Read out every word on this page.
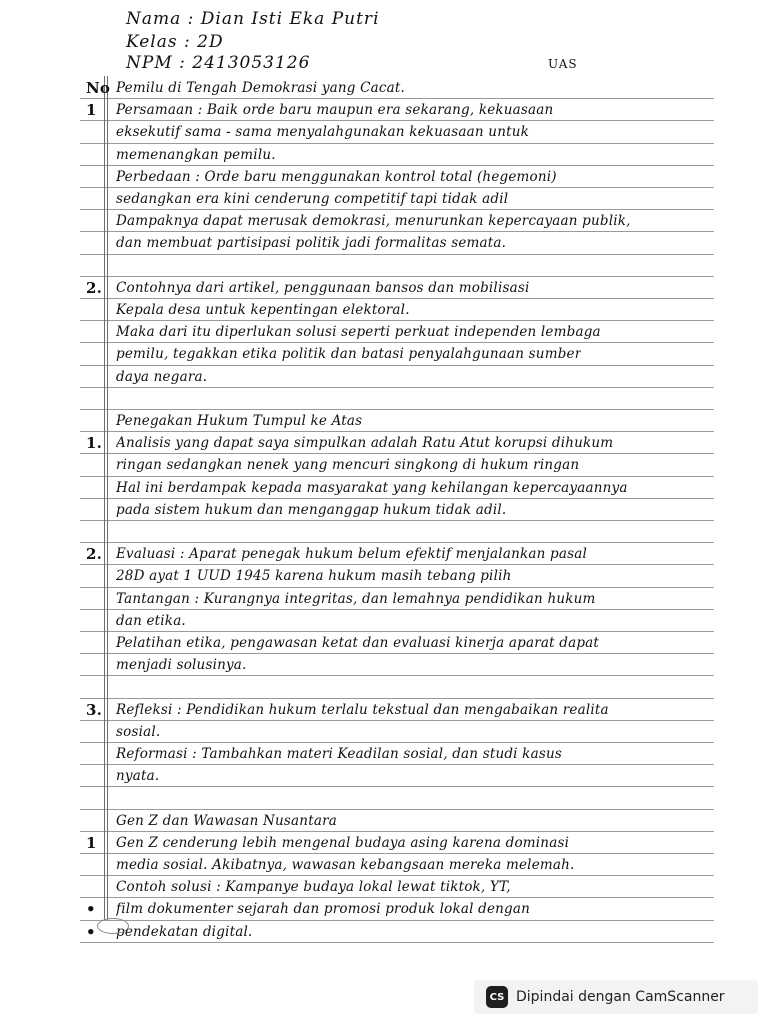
Nama : Dian Isti Eka Putri
Kelas : 2D
NPM : 2413053126	UAS
No Pemilu di Tengah Demokrasi yang Cacat.
1 Persamaan : Baik orde baru maupun era sekarang, kekuasaan
eksekutif sama - sama menyalahgunakan kekuasaan untuk
memenangkan pemilu.
Perbedaan : Orde baru menggunakan kontrol total (hegemoni)
sedangkan era kini cenderung competitif tapi tidak adil
Dampaknya dapat merusak demokrasi, menurunkan kepercayaan publik,
dan membuat partisipasi politik jadi formalitas semata.
2. Contohnya dari artikel, penggunaan bansos dan mobilisasi
Kepala desa untuk kepentingan elektoral.
Maka dari itu diperlukan solusi seperti perkuat independen lembaga
pemilu, tegakkan etika politik dan batasi penyalahgunaan sumber
daya negara.
Penegakan Hukum Tumpul ke Atas
1. Analisis yang dapat saya simpulkan adalah Ratu Atut korupsi dihukum
ringan sedangkan nenek yang mencuri singkong di hukum ringan
Hal ini berdampak kepada masyarakat yang kehilangan kepercayaannya
pada sistem hukum dan menganggap hukum tidak adil.
2. Evaluasi : Aparat penegak hukum belum efektif menjalankan pasal
28D ayat 1 UUD 1945 karena hukum masih tebang pilih
Tantangan : Kurangnya integritas, dan lemahnya pendidikan hukum
dan etika.
Pelatihan etika, pengawasan ketat dan evaluasi kinerja aparat dapat
menjadi solusinya.
3. Refleksi : Pendidikan hukum terlalu tekstual dan mengabaikan realita
sosial.
Reformasi : Tambahkan materi Keadilan sosial, dan studi kasus
nyata.
Gen Z dan Wawasan Nusantara
1 Gen Z cenderung lebih mengenal budaya asing karena dominasi
media sosial. Akibatnya, wawasan kebangsaan mereka melemah.
Contoh solusi : Kampanye budaya lokal lewat tiktok, YT,
• film dokumenter sejarah dan promosi produk lokal dengan
• pendekatan digital.
CS Dipindai dengan CamScanner
